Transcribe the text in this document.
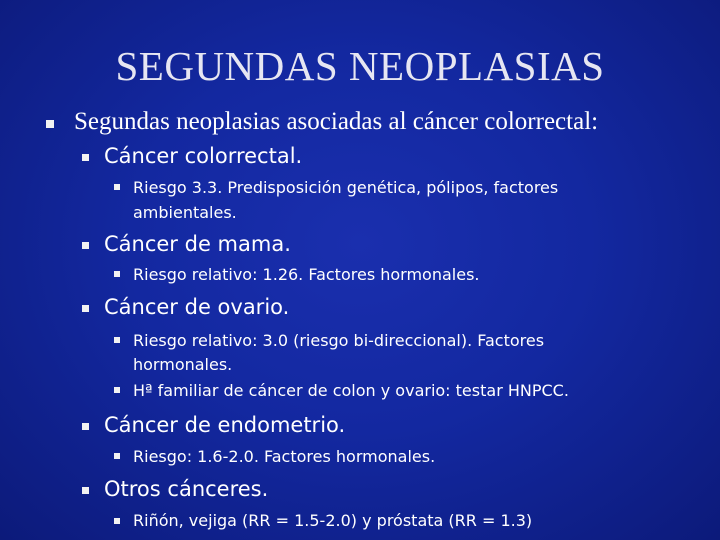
SEGUNDAS NEOPLASIAS
Segundas neoplasias asociadas al cáncer colorrectal:
Cáncer colorrectal.
Riesgo 3.3. Predisposición genética, pólipos, factores
ambientales.
Cáncer de mama.
Riesgo relativo: 1.26. Factores hormonales.
Cáncer de ovario.
Riesgo relativo: 3.0 (riesgo bi-direccional). Factores
hormonales.
Hª familiar de cáncer de colon y ovario: testar HNPCC.
Cáncer de endometrio.
Riesgo: 1.6-2.0. Factores hormonales.
Otros cánceres.
Riñón, vejiga (RR = 1.5-2.0) y próstata (RR = 1.3)
